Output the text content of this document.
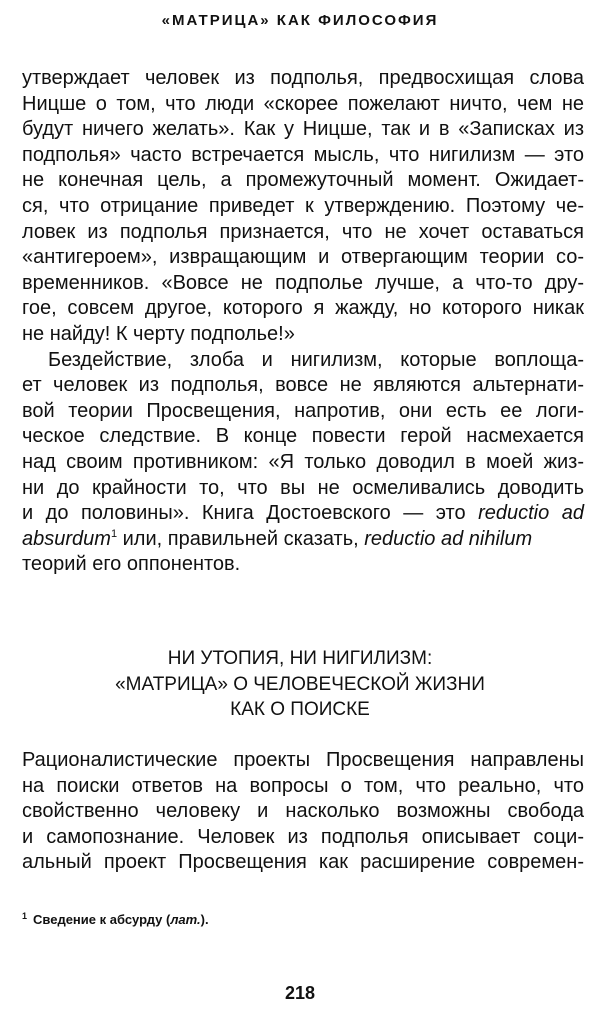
«МАТРИЦА» КАК ФИЛОСОФИЯ
утверждает человек из подполья, предвосхищая слова
Ницше о том, что люди «скорее пожелают ничто, чем не
будут ничего желать». Как у Ницше, так и в «Записках из
подполья» часто встречается мысль, что нигилизм — это
не конечная цель, а промежуточный момент. Ожидает-
ся, что отрицание приведет к утверждению. Поэтому че-
ловек из подполья признается, что не хочет оставаться
«антигероем», извращающим и отвергающим теории со-
временников. «Вовсе не подполье лучше, а что-то дру-
гое, совсем другое, которого я жажду, но которого никак
не найду! К черту подполье!»
Бездействие, злоба и нигилизм, которые воплоща-
ет человек из подполья, вовсе не являются альтернати-
вой теории Просвещения, напротив, они есть ее логи-
ческое следствие. В конце повести герой насмехается
над своим противником: «Я только доводил в моей жиз-
ни до крайности то, что вы не осмеливались доводить
и до половины». Книга Достоевского — это reductio ad
absurdum$^1$ или, правильней сказать, reductio ad nihilum
теорий его оппонентов.
НИ УТОПИЯ, НИ НИГИЛИЗМ:
«МАТРИЦА» О ЧЕЛОВЕЧЕСКОЙ ЖИЗНИ
КАК О ПОИСКЕ
Рационалистические проекты Просвещения направлены
на поиски ответов на вопросы о том, что реально, что
свойственно человеку и насколько возможны свобода
и самопознание. Человек из подполья описывает соци-
альный проект Просвещения как расширение современ-
$^1$ Сведение к абсурду (лат.).
218
